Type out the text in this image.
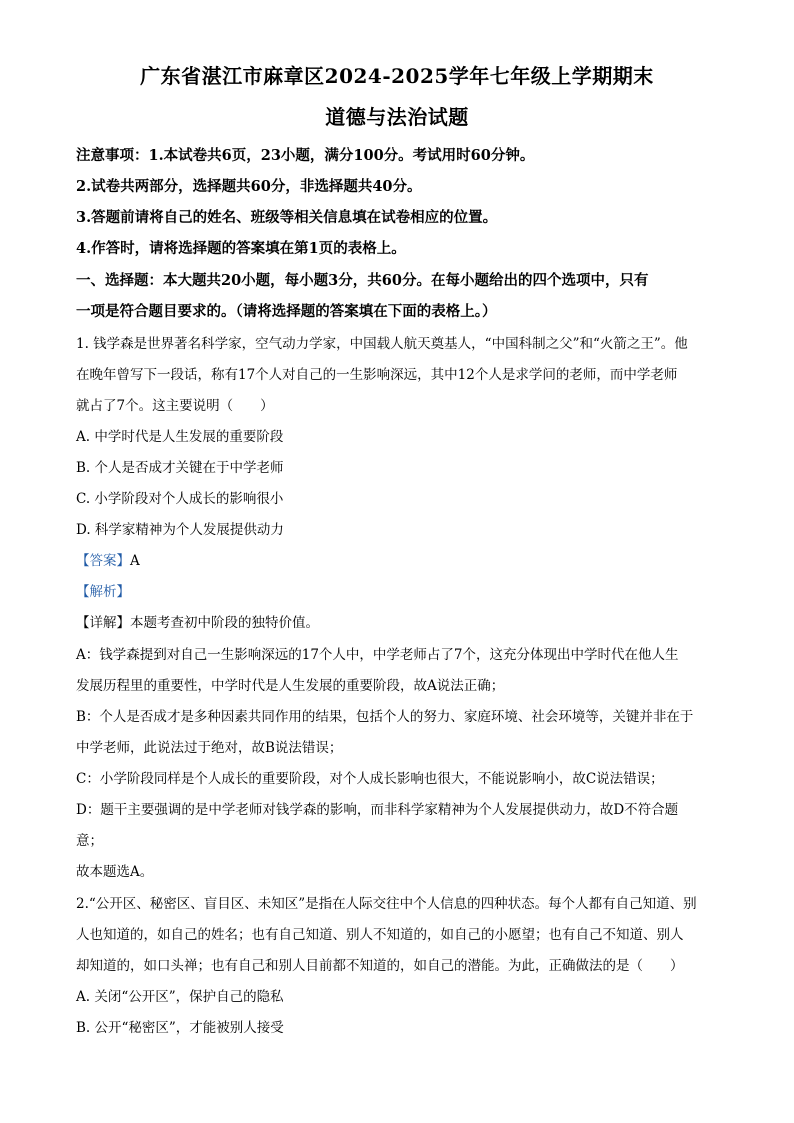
广东省湛江市麻章区2024-2025学年七年级上学期期末
道德与法治试题
注意事项：1.本试卷共6页，23小题，满分100分。考试用时60分钟。
2.试卷共两部分，选择题共60分，非选择题共40分。
3.答题前请将自己的姓名、班级等相关信息填在试卷相应的位置。
4.作答时，请将选择题的答案填在第1页的表格上。
一、选择题：本大题共20小题，每小题3分，共60分。在每小题给出的四个选项中，只有
一项是符合题目要求的。（请将选择题的答案填在下面的表格上。）
1. 钱学森是世界著名科学家，空气动力学家，中国载人航天奠基人，“中国科制之父”和“火箭之王”。他
在晚年曾写下一段话，称有17个人对自己的一生影响深远，其中12个人是求学问的老师，而中学老师
就占了7个。这主要说明（　　）
A. 中学时代是人生发展的重要阶段
B. 个人是否成才关键在于中学老师
C. 小学阶段对个人成长的影响很小
D. 科学家精神为个人发展提供动力
【答案】A
【解析】
【详解】本题考查初中阶段的独特价值。
A：钱学森提到对自己一生影响深远的17个人中，中学老师占了7个，这充分体现出中学时代在他人生
发展历程里的重要性，中学时代是人生发展的重要阶段，故A说法正确；
B：个人是否成才是多种因素共同作用的结果，包括个人的努力、家庭环境、社会环境等，关键并非在于
中学老师，此说法过于绝对，故B说法错误；
C：小学阶段同样是个人成长的重要阶段，对个人成长影响也很大，不能说影响小，故C说法错误；
D：题干主要强调的是中学老师对钱学森的影响，而非科学家精神为个人发展提供动力，故D不符合题
意；
故本题选A。
2.“公开区、秘密区、盲目区、未知区”是指在人际交往中个人信息的四种状态。每个人都有自己知道、别
人也知道的，如自己的姓名；也有自己知道、别人不知道的，如自己的小愿望；也有自己不知道、别人
却知道的，如口头禅；也有自己和别人目前都不知道的，如自己的潜能。为此，正确做法的是（　　）
A. 关闭“公开区”，保护自己的隐私
B. 公开“秘密区”，才能被别人接受
